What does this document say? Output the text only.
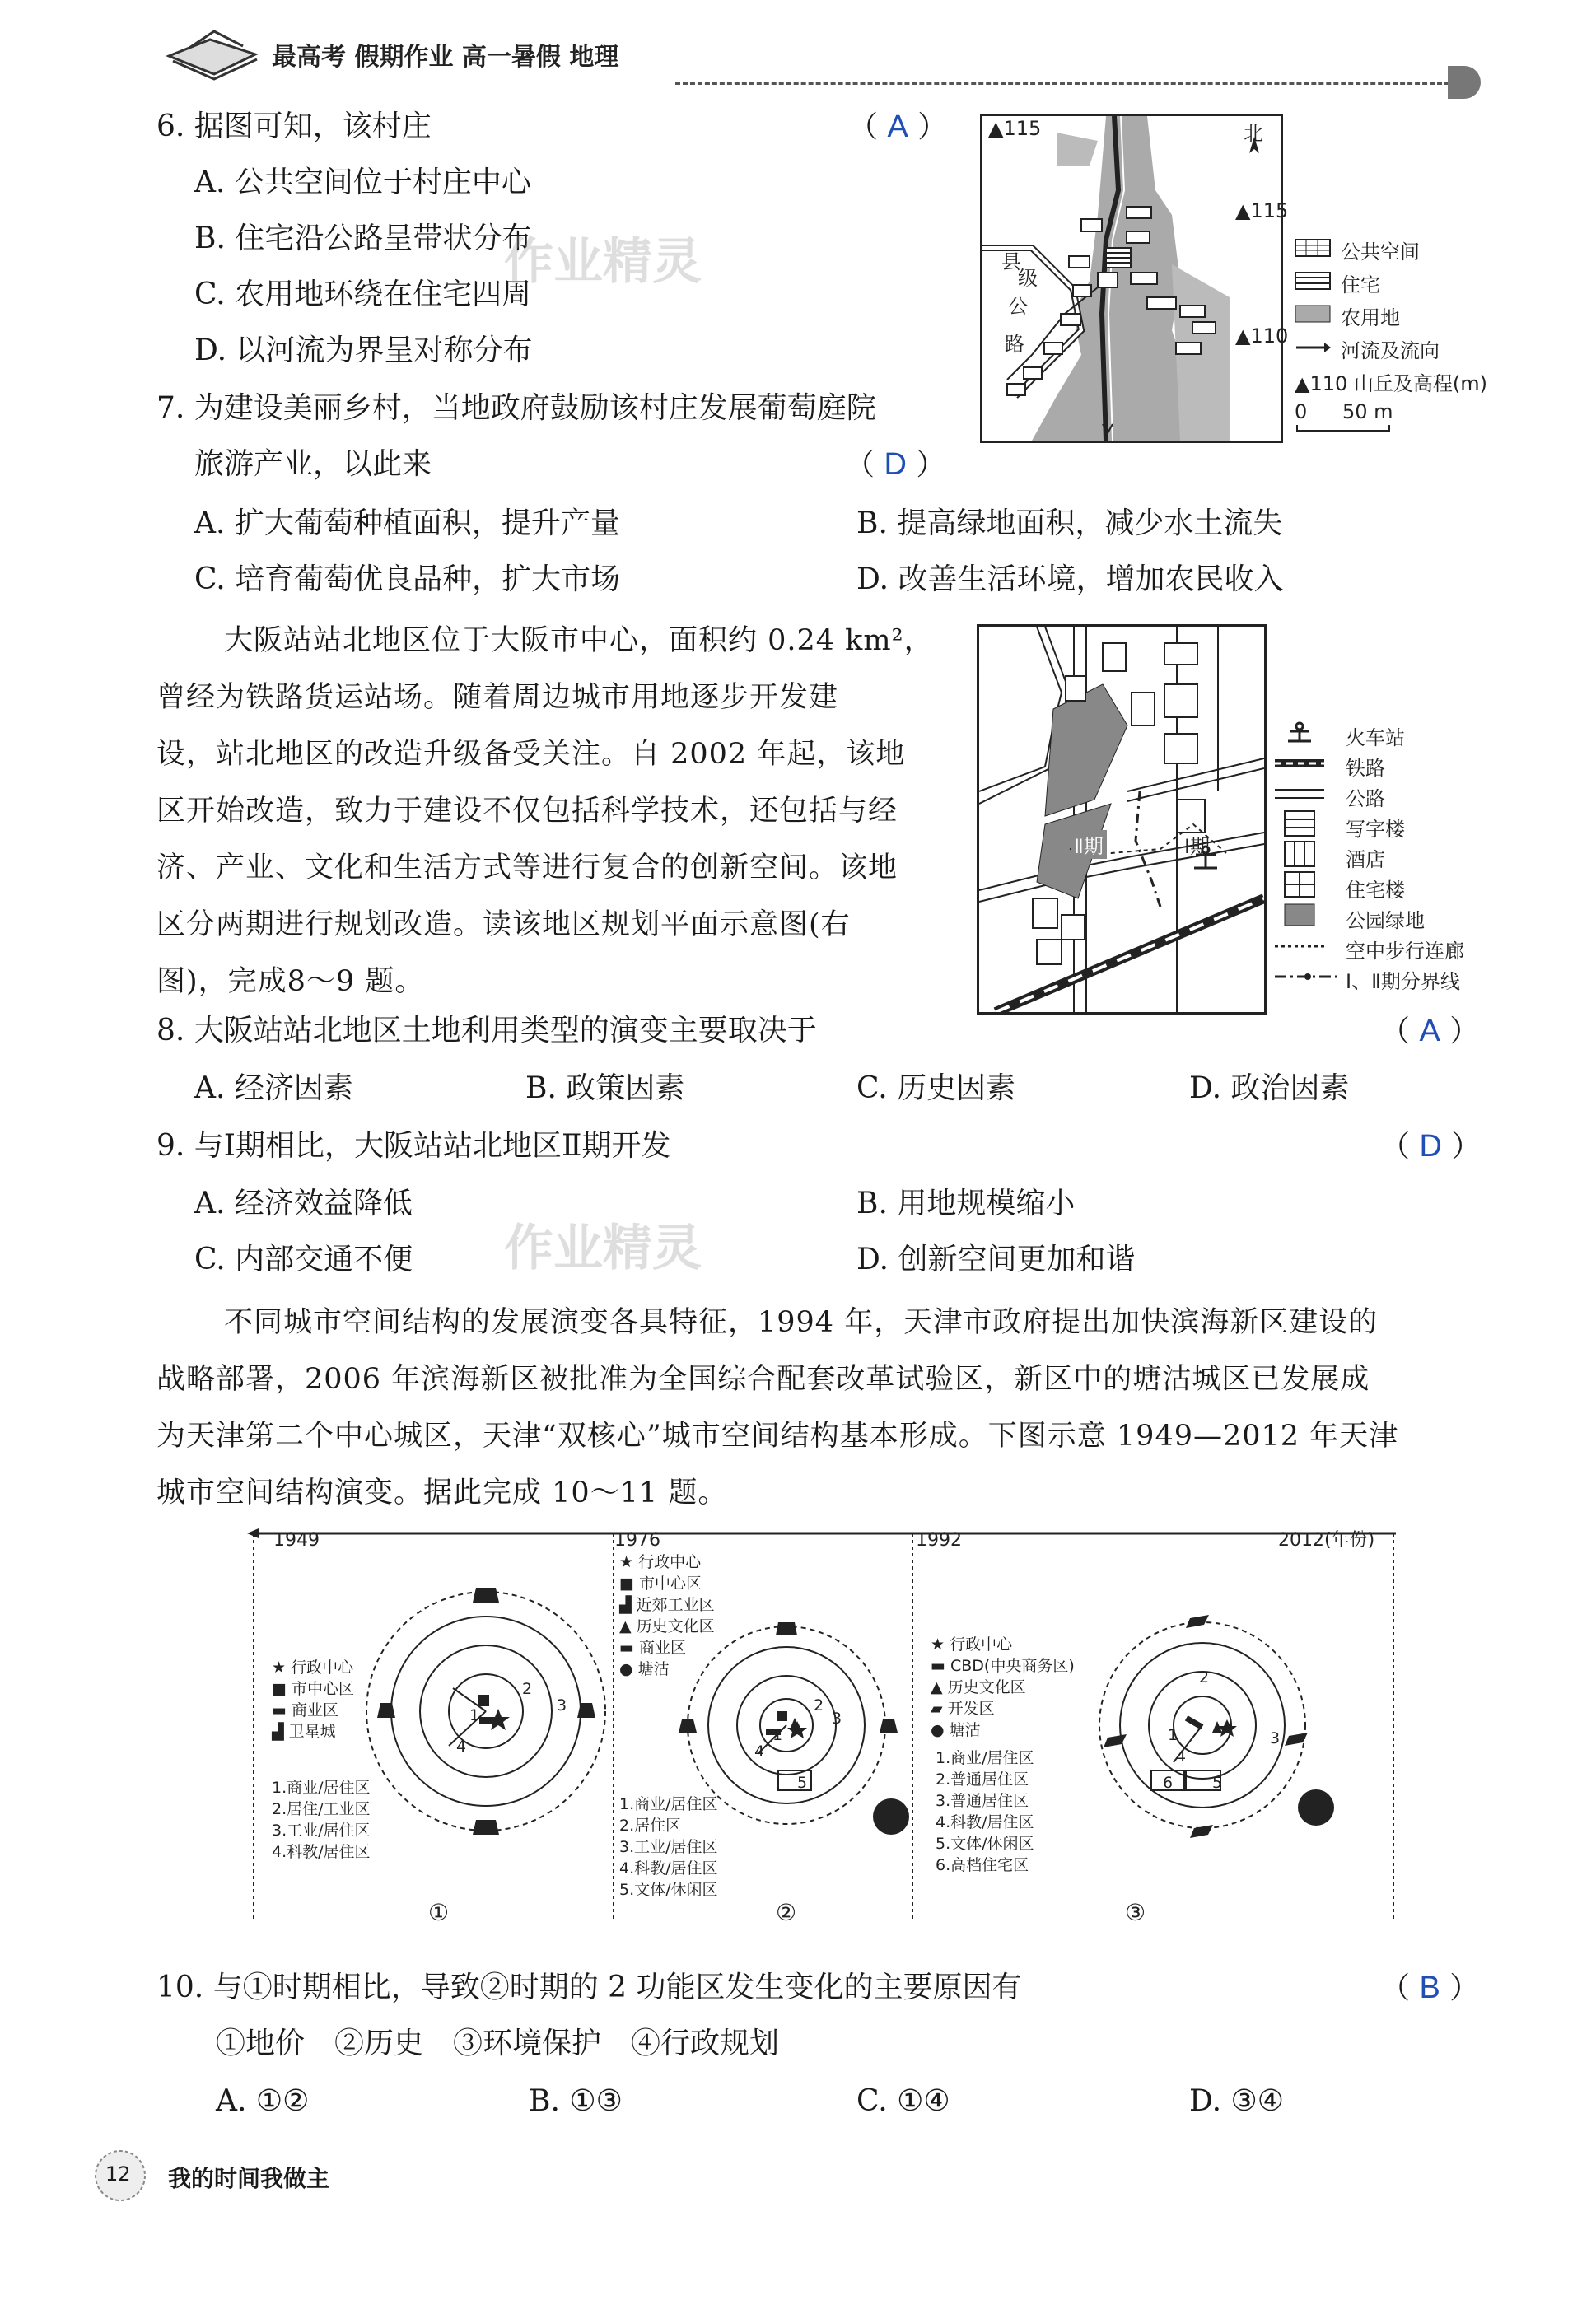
最高考 假期作业 高一暑假 地理
6. 据图可知，该村庄	（ A ）
A. 公共空间位于村庄中心
B. 住宅沿公路呈带状分布
C. 农用地环绕在住宅四周
D. 以河流为界呈对称分布
作业精灵
▲115	北
▲115
▲110
县
级
公
路
公共空间
住宅
农用地
河流及流向
▲110 山丘及高程(m)
0 50 m
7. 为建设美丽乡村，当地政府鼓励该村庄发展葡萄庭院
旅游产业，以此来	（ D ）
A. 扩大葡萄种植面积，提升产量	B. 提高绿地面积，减少水土流失
C. 培育葡萄优良品种，扩大市场	D. 改善生活环境，增加农民收入
大阪站站北地区位于大阪市中心，面积约 0.24 km²，
曾经为铁路货运站场。随着周边城市用地逐步开发建
设，站北地区的改造升级备受关注。自 2002 年起，该地
区开始改造，致力于建设不仅包括科学技术，还包括与经
济、产业、文化和生活方式等进行复合的创新空间。该地
区分两期进行规划改造。读该地区规划平面示意图(右
图)，完成8～9 题。
Ⅱ期	Ⅰ期
火车站
铁路
公路
写字楼
酒店
住宅楼
公园绿地
空中步行连廊
Ⅰ、Ⅱ期分界线
8. 大阪站站北地区土地利用类型的演变主要取决于	（ A ）
A. 经济因素	B. 政策因素	C. 历史因素	D. 政治因素
9. 与Ⅰ期相比，大阪站站北地区Ⅱ期开发	（ D ）
A. 经济效益降低	B. 用地规模缩小
C. 内部交通不便	D. 创新空间更加和谐
作业精灵
不同城市空间结构的发展演变各具特征，1994 年，天津市政府提出加快滨海新区建设的
战略部署，2006 年滨海新区被批准为全国综合配套改革试验区，新区中的塘沽城区已发展成
为天津第二个中心城区，天津“双核心”城市空间结构基本形成。下图示意 1949—2012 年天津
城市空间结构演变。据此完成 10～11 题。
1949	1976	1992	2012(年份)
★ 行政中心
■ 市中心区
▬ 商业区
▟ 卫星城
1.商业/居住区
2.居住/工业区
3.工业/居住区
4.科教/居住区
1
2
3
4
①
★ 行政中心
■ 市中心区
▟ 近郊工业区
▲ 历史文化区
▬ 商业区
● 塘沽
1.商业/居住区
2.居住区
3.工业/居住区
4.科教/居住区
5.文体/休闲区
1
2
3
4
5
②
★ 行政中心
▬ CBD(中央商务区)
▲ 历史文化区
▰ 开发区
● 塘沽
1.商业/居住区
2.普通居住区
3.普通居住区
4.科教/居住区
5.文体/休闲区
6.高档住宅区
1
2
3
4
5
6
③
10. 与①时期相比，导致②时期的 2 功能区发生变化的主要原因有	（ B ）
①地价　②历史　③环境保护　④行政规划
A. ①②	B. ①③	C. ①④	D. ③④
12 我的时间我做主
